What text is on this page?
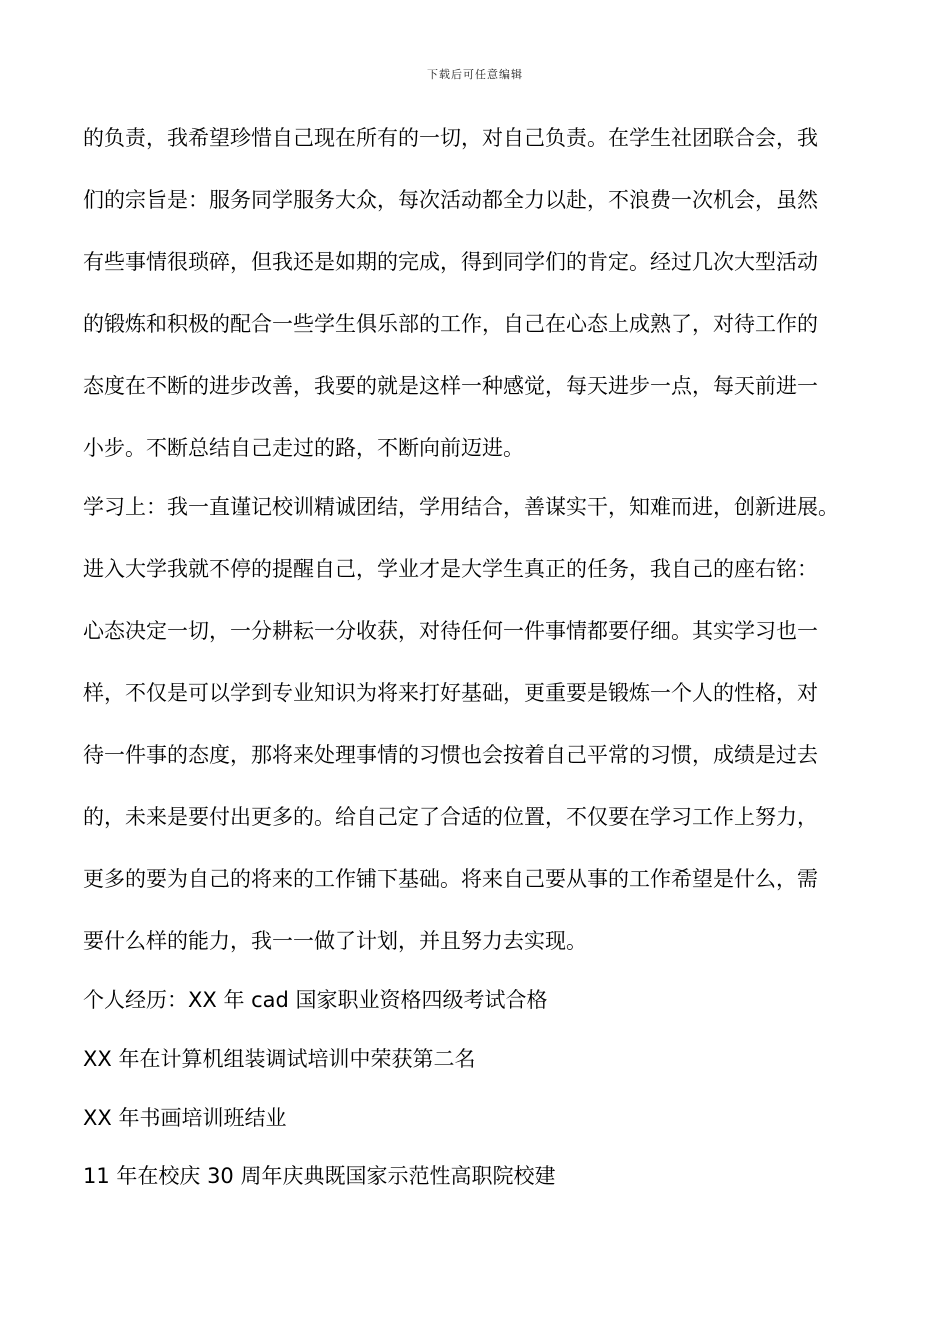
下载后可任意编辑
的负责，我希望珍惜自己现在所有的一切，对自己负责。在学生社团联合会，我
们的宗旨是：服务同学服务大众，每次活动都全力以赴，不浪费一次机会，虽然
有些事情很琐碎，但我还是如期的完成，得到同学们的肯定。经过几次大型活动
的锻炼和积极的配合一些学生俱乐部的工作，自己在心态上成熟了，对待工作的
态度在不断的进步改善，我要的就是这样一种感觉，每天进步一点，每天前进一
小步。不断总结自己走过的路，不断向前迈进。
学习上：我一直谨记校训精诚团结，学用结合，善谋实干，知难而进，创新进展。
进入大学我就不停的提醒自己，学业才是大学生真正的任务，我自己的座右铭：
心态决定一切，一分耕耘一分收获，对待任何一件事情都要仔细。其实学习也一
样，不仅是可以学到专业知识为将来打好基础，更重要是锻炼一个人的性格，对
待一件事的态度，那将来处理事情的习惯也会按着自己平常的习惯，成绩是过去
的，未来是要付出更多的。给自己定了合适的位置，不仅要在学习工作上努力，
更多的要为自己的将来的工作铺下基础。将来自己要从事的工作希望是什么，需
要什么样的能力，我一一做了计划，并且努力去实现。
个人经历：XX 年 cad 国家职业资格四级考试合格
XX 年在计算机组装调试培训中荣获第二名
XX 年书画培训班结业
11 年在校庆 30 周年庆典既国家示范性高职院校建
